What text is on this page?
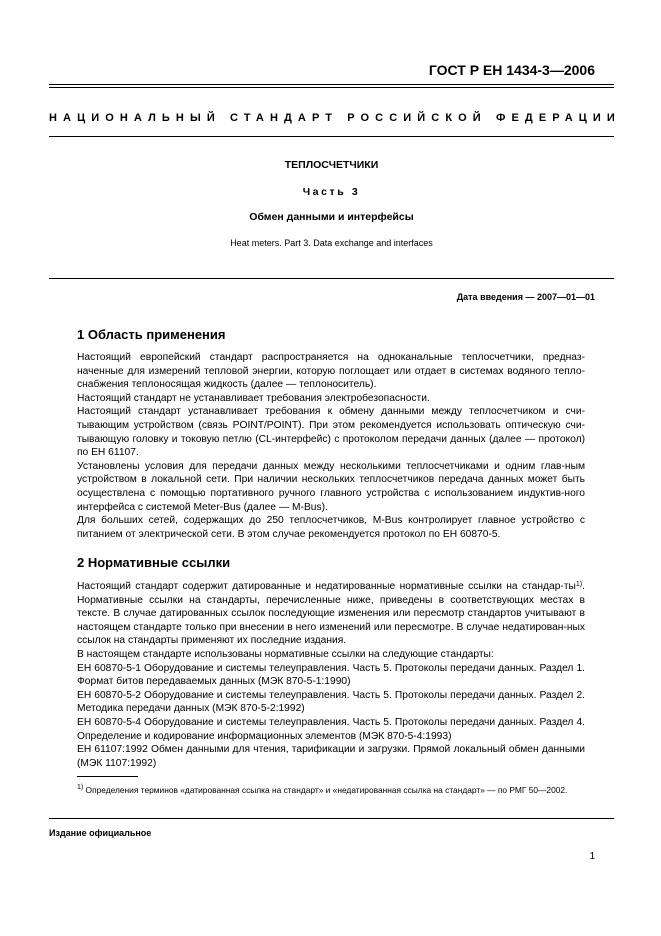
ГОСТ Р ЕН 1434-3—2006
НАЦИОНАЛЬНЫЙ СТАНДАРТ РОССИЙСКОЙ ФЕДЕРАЦИИ
ТЕПЛОСЧЕТЧИКИ
Часть 3
Обмен данными и интерфейсы
Heat meters. Part 3. Data exchange and interfaces
Дата введения — 2007—01—01
1 Область применения

Настоящий европейский стандарт распространяется на одноканальные теплосчетчики, предназ-наченные для измерений тепловой энергии, которую поглощает или отдает в системах водяного тепло-снабжения теплоносящая жидкость (далее — теплоноситель).

Настоящий стандарт не устанавливает требования электробезопасности.

Настоящий стандарт устанавливает требования к обмену данными между теплосчетчиком и счи-тывающим устройством (связь POINT/POINT). При этом рекомендуется использовать оптическую счи-тывающую головку и токовую петлю (CL-интерфейс) с протоколом передачи данных (далее — протокол) по ЕН 61107.

Установлены условия для передачи данных между несколькими теплосчетчиками и одним глав-ным устройством в локальной сети. При наличии нескольких теплосчетчиков передача данных может быть осуществлена с помощью портативного ручного главного устройства с использованием индуктив-ного интерфейса с системой Meter-Bus (далее — M-Bus).

Для больших сетей, содержащих до 250 теплосчетчиков, M-Bus контролирует главное устройство с питанием от электрической сети. В этом случае рекомендуется протокол по ЕН 60870-5.

2 Нормативные ссылки

Настоящий стандарт содержит датированные и недатированные нормативные ссылки на стандар-$ты^{1)}$. Нормативные ссылки на стандарты, перечисленные ниже, приведены в соответствующих местах в тексте. В случае датированных ссылок последующие изменения или пересмотр стандартов учитывают в настоящем стандарте только при внесении в него изменений или пересмотре. В случае недатирован-ных ссылок на стандарты применяют их последние издания.

В настоящем стандарте использованы нормативные ссылки на следующие стандарты:

ЕН 60870-5-1 Оборудование и системы телеуправления. Часть 5. Протоколы передачи данных. Раздел 1. Формат битов передаваемых данных (МЭК 870-5-1:1990)

ЕН 60870-5-2 Оборудование и системы телеуправления. Часть 5. Протоколы передачи данных. Раздел 2. Методика передачи данных (МЭК 870-5-2:1992)

ЕН 60870-5-4 Оборудование и системы телеуправления. Часть 5. Протоколы передачи данных. Раздел 4. Определение и кодирование информационных элементов (МЭК 870-5-4:1993)

ЕН 61107:1992 Обмен данными для чтения, тарификации и загрузки. Прямой локальный обмен данными (МЭК 1107:1992)

$^{1)}$ Определения терминов «датированная ссылка на стандарт» и «недатированная ссылка на стандарт» — по РМГ 50—2002.
Издание официальное
1
